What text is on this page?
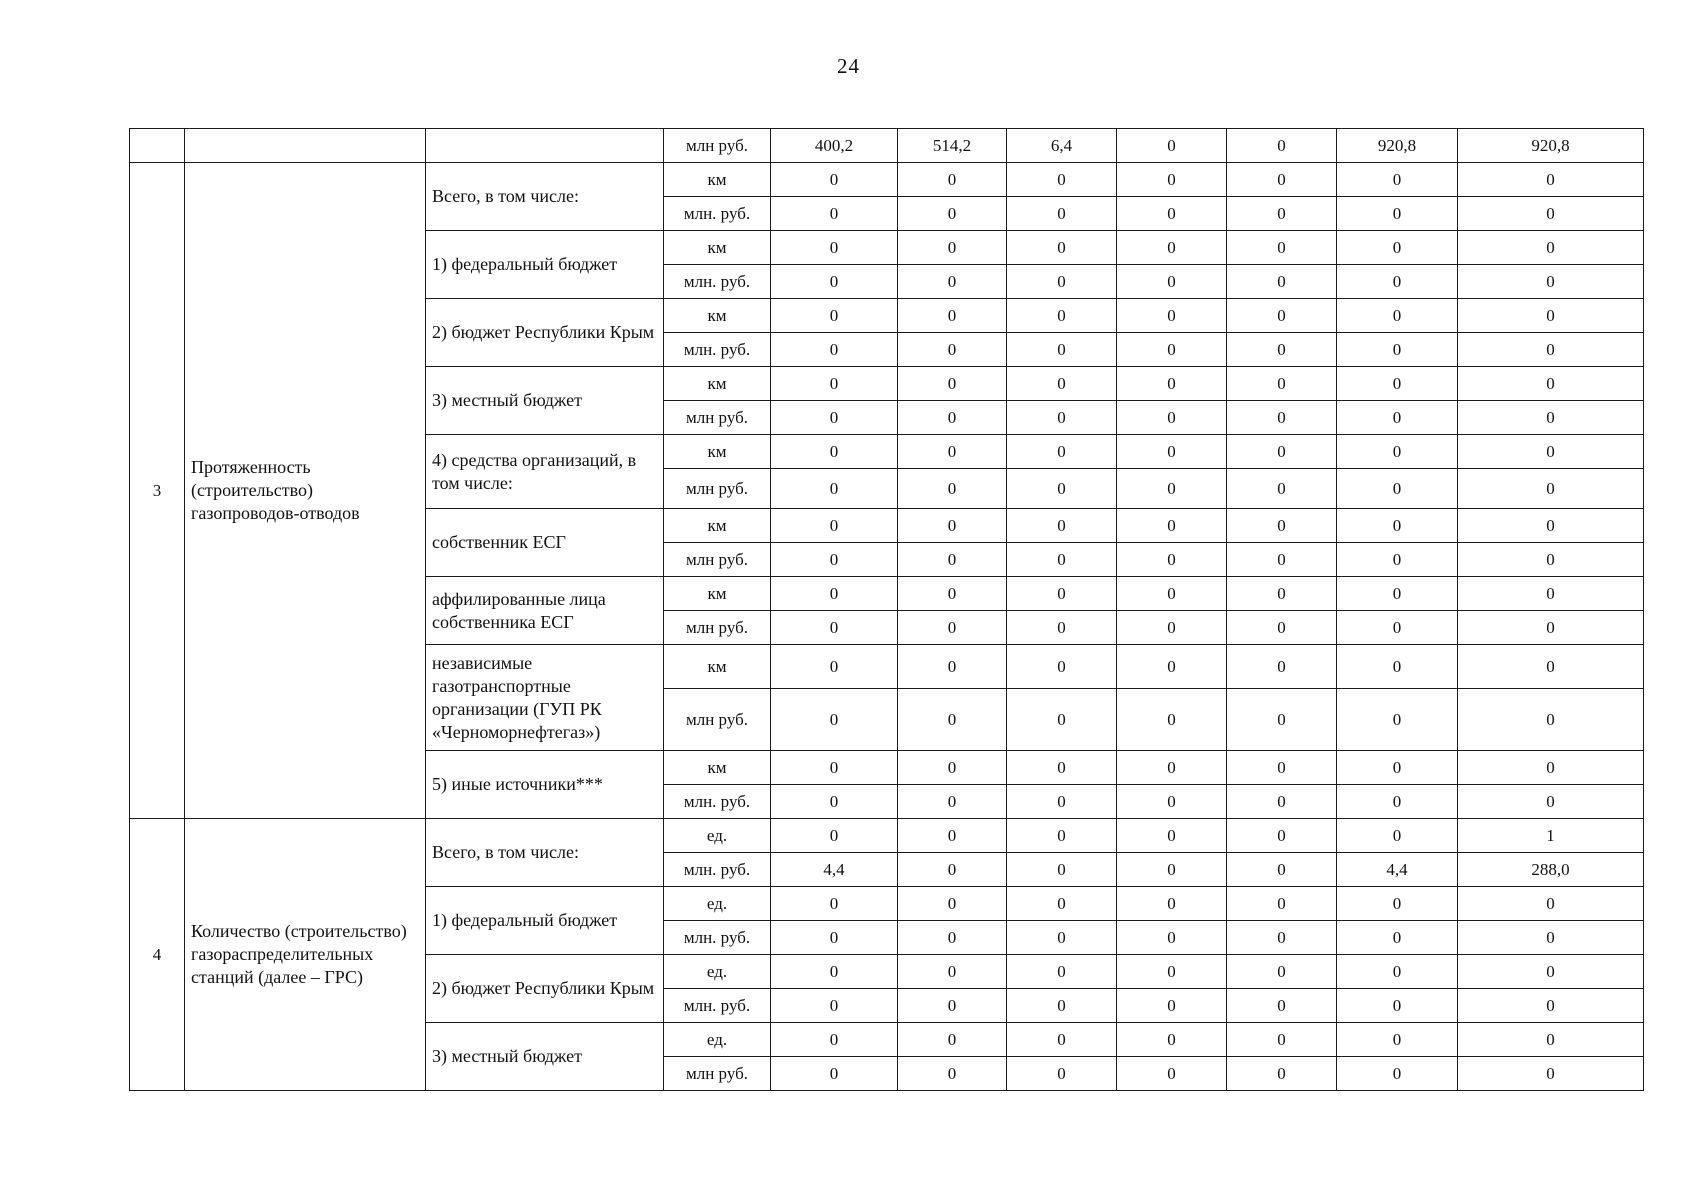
24
			млн руб.	400,2	514,2	6,4	0	0	920,8	920,8
3	Протяженность (строительство) газопроводов-отводов	Всего, в том числе:	км	0	0	0	0	0	0	0
			млн. руб.	0	0	0	0	0	0	0
		1) федеральный бюджет	км	0	0	0	0	0	0	0
			млн. руб.	0	0	0	0	0	0	0
		2) бюджет Республики Крым	км	0	0	0	0	0	0	0
			млн. руб.	0	0	0	0	0	0	0
		3) местный бюджет	км	0	0	0	0	0	0	0
			млн руб.	0	0	0	0	0	0	0
		4) средства организаций, в том числе:	км	0	0	0	0	0	0	0
			млн руб.	0	0	0	0	0	0	0
		собственник ЕСГ	км	0	0	0	0	0	0	0
			млн руб.	0	0	0	0	0	0	0
		аффилированные лица собственника ЕСГ	км	0	0	0	0	0	0	0
			млн руб.	0	0	0	0	0	0	0
		независимые газотранспортные организации (ГУП РК «Черноморнефтегаз»)	км	0	0	0	0	0	0	0
			млн руб.	0	0	0	0	0	0	0
		5) иные источники***	км	0	0	0	0	0	0	0
			млн. руб.	0	0	0	0	0	0	0
4	Количество (строительство) газораспределительных станций (далее – ГРС)	Всего, в том числе:	ед.	0	0	0	0	0	0	1
			млн. руб.	4,4	0	0	0	0	4,4	288,0
		1) федеральный бюджет	ед.	0	0	0	0	0	0	0
			млн. руб.	0	0	0	0	0	0	0
		2) бюджет Республики Крым	ед.	0	0	0	0	0	0	0
			млн. руб.	0	0	0	0	0	0	0
		3) местный бюджет	ед.	0	0	0	0	0	0	0
			млн руб.	0	0	0	0	0	0	0
